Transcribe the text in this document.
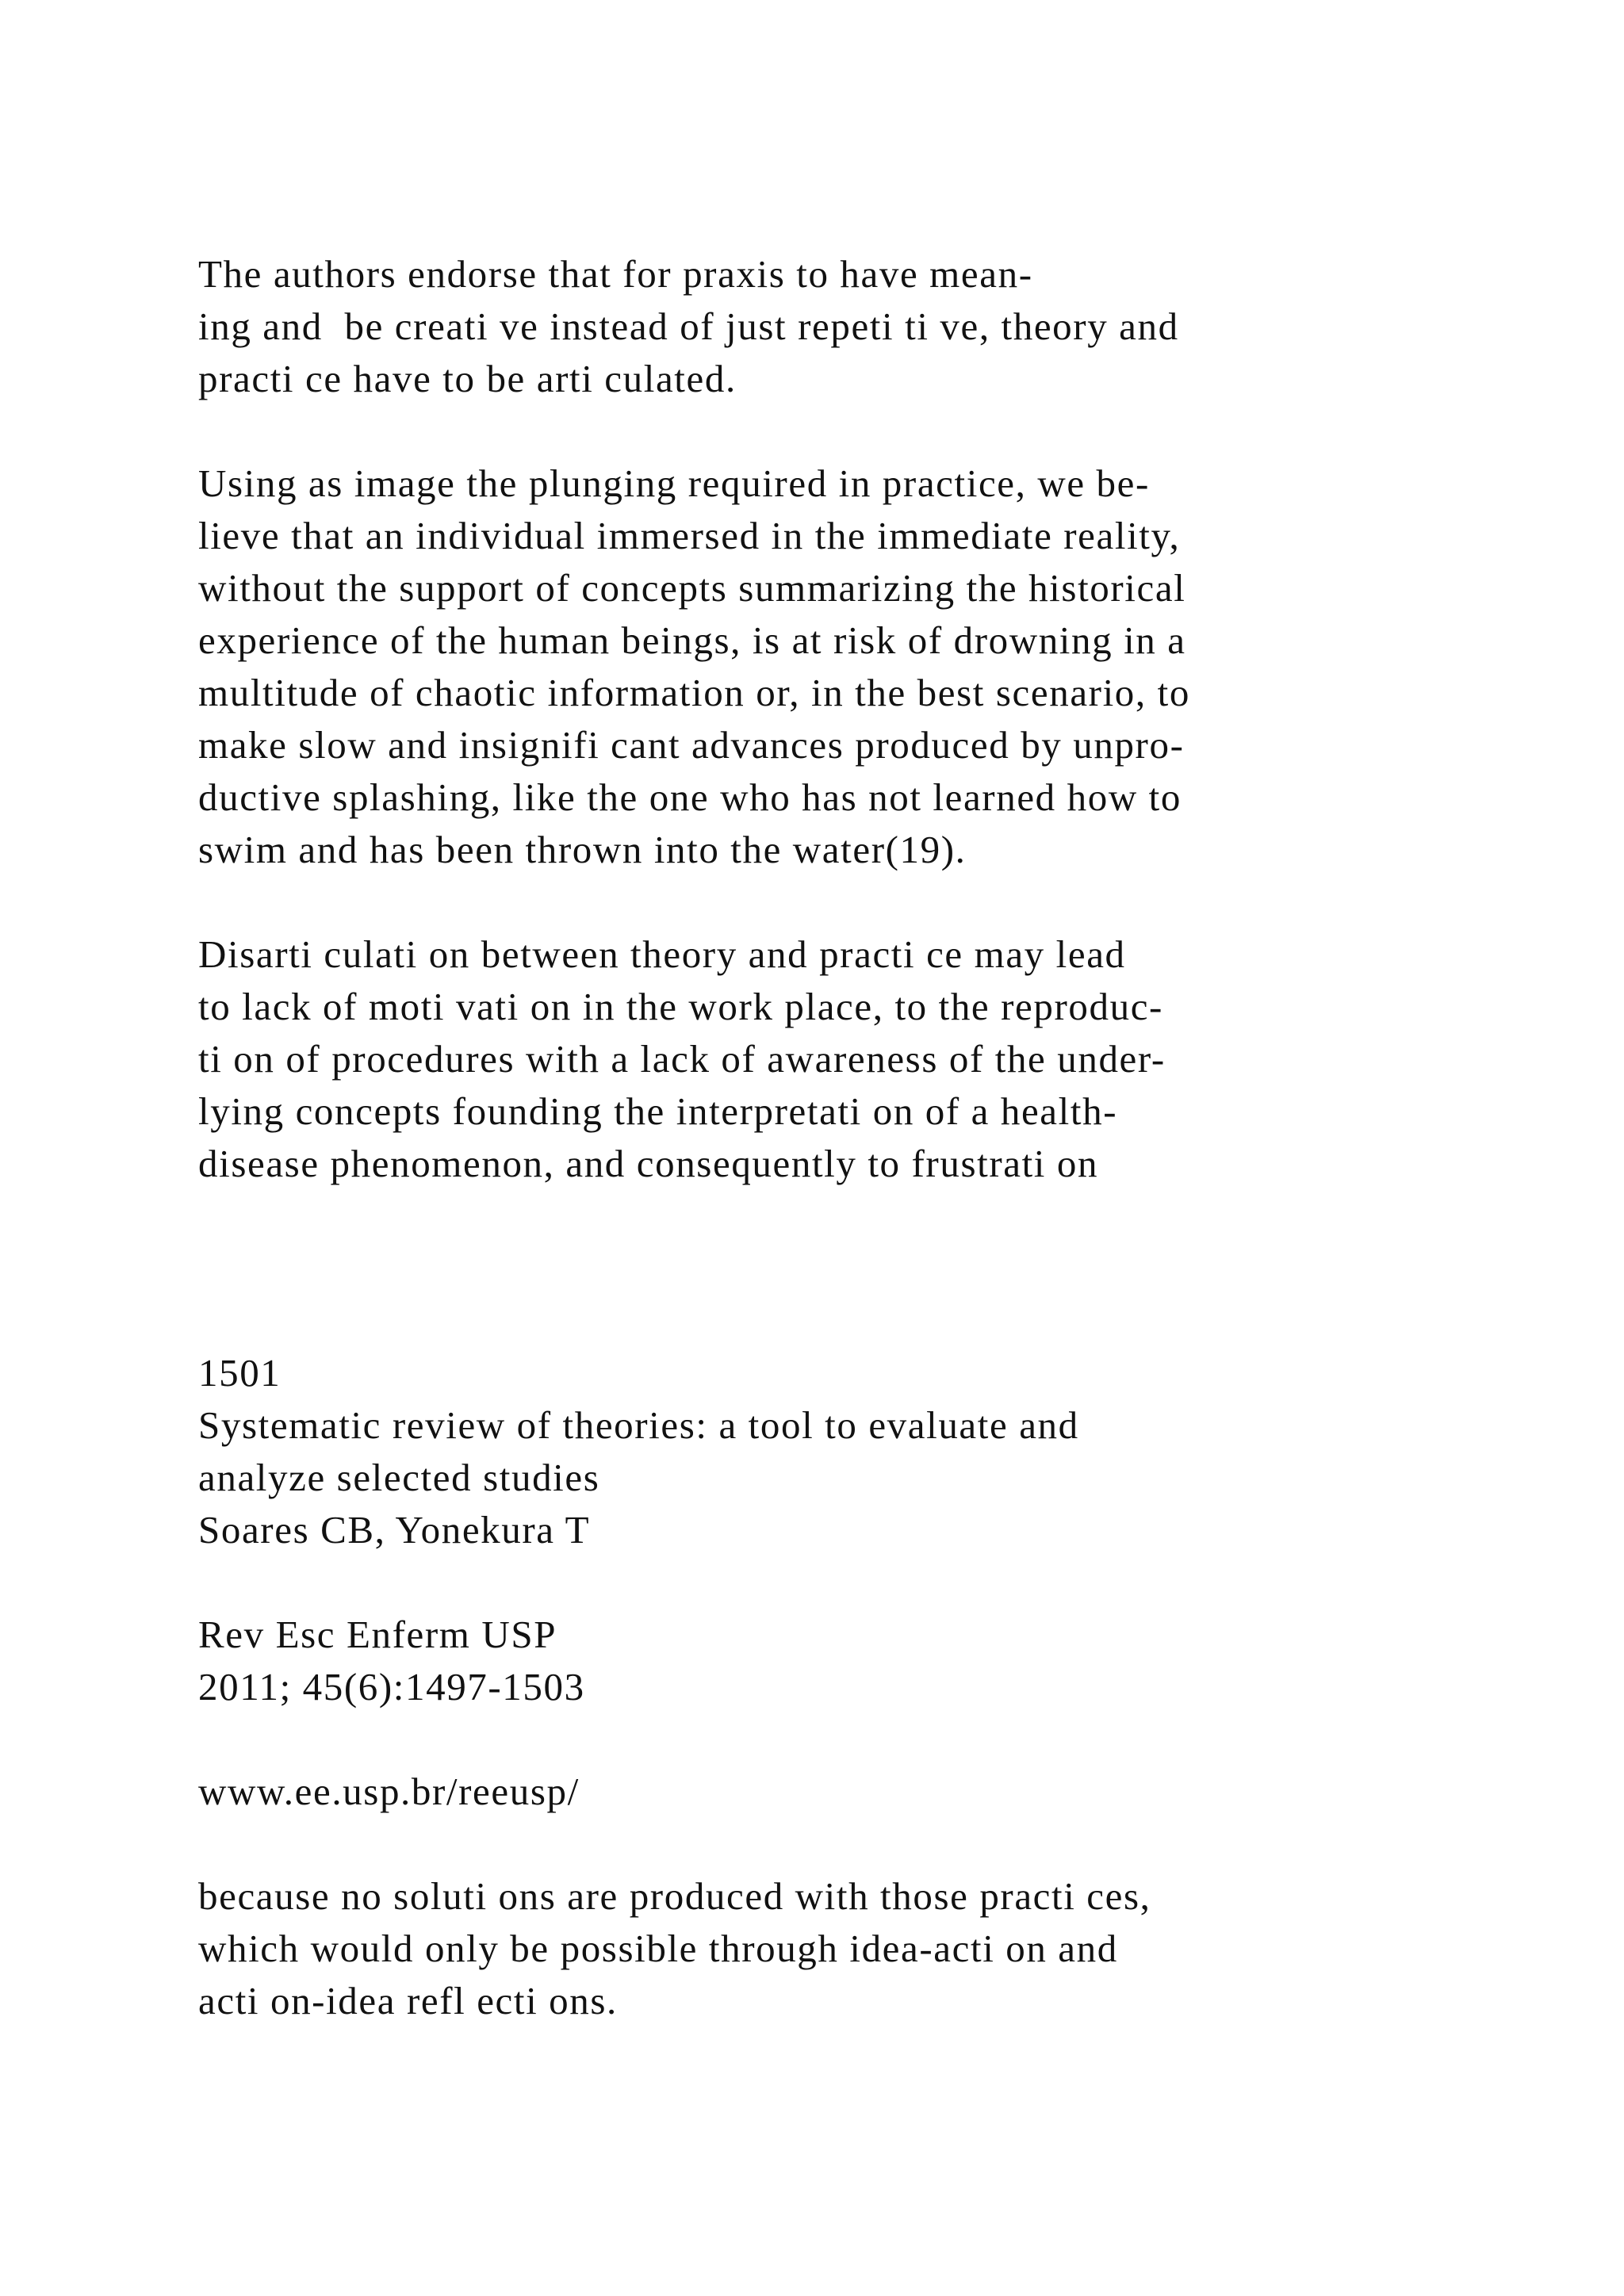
The authors endorse that for praxis to have mean-
ing and  be creati ve instead of just repeti ti ve, theory and
practi ce have to be arti culated.
Using as image the plunging required in practice, we be-
lieve that an individual immersed in the immediate reality,
without the support of concepts summarizing the historical
experience of the human beings, is at risk of drowning in a
multitude of chaotic information or, in the best scenario, to
make slow and insignifi cant advances produced by unpro-
ductive splashing, like the one who has not learned how to
swim and has been thrown into the water(19).
Disarti culati on between theory and practi ce may lead
to lack of moti vati on in the work place, to the reproduc-
ti on of procedures with a lack of awareness of the under-
lying concepts founding the interpretati on of a health-
disease phenomenon, and consequently to frustrati on
1501
Systematic review of theories: a tool to evaluate and
analyze selected studies
Soares CB, Yonekura T
Rev Esc Enferm USP
2011; 45(6):1497-1503
www.ee.usp.br/reeusp/
because no soluti ons are produced with those practi ces,
which would only be possible through idea-acti on and
acti on-idea refl ecti ons.
